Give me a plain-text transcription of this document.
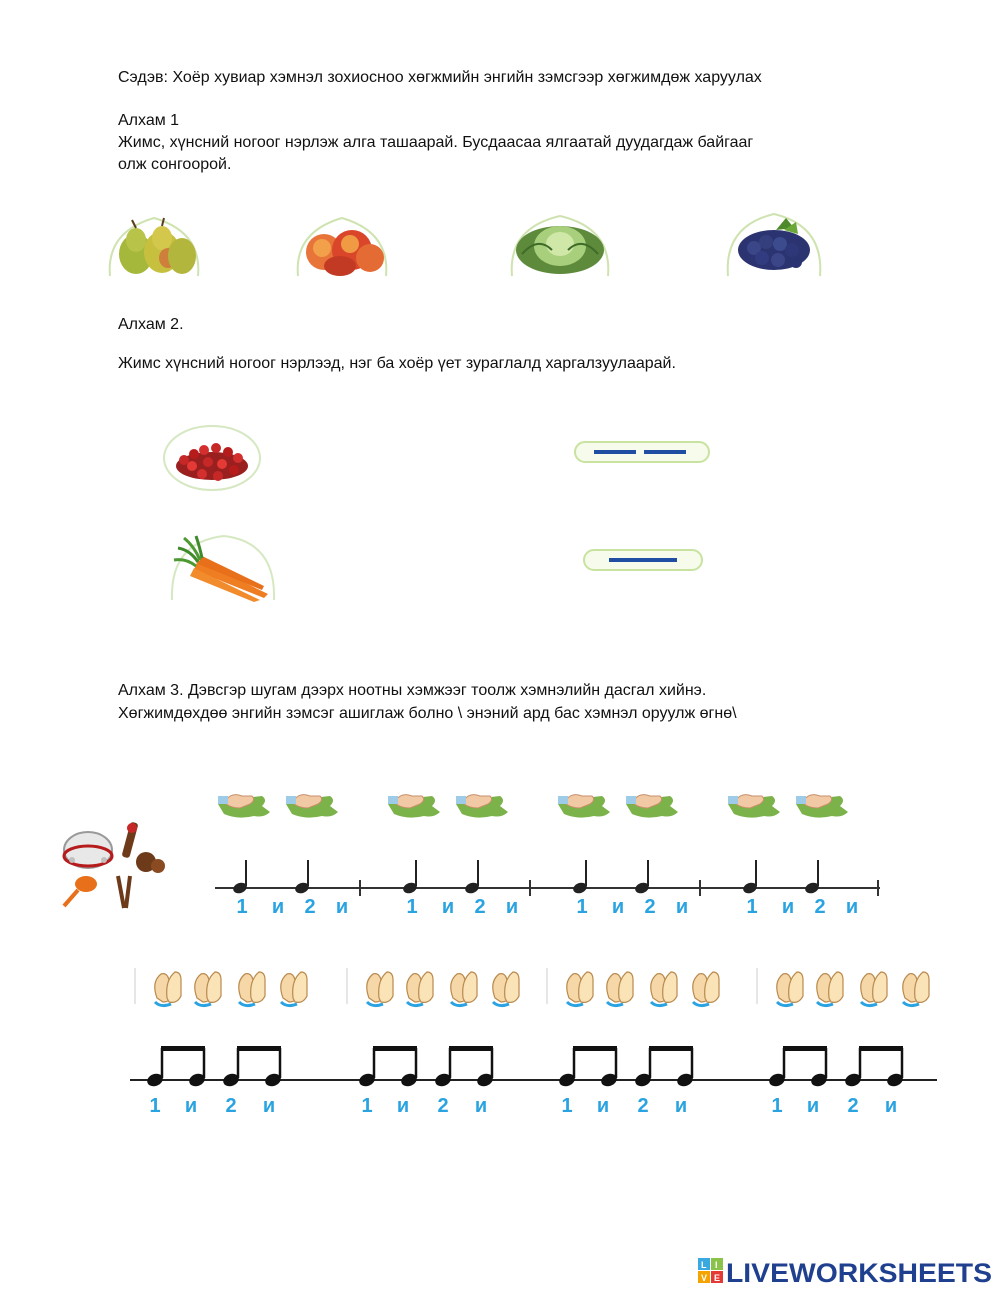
Сэдэв: Хоёр хувиар хэмнэл зохиосноо хөгжмийн энгийн зэмсгээр хөгжимдөж харуулах
Алхам 1
Жимс, хүнсний ногоог нэрлэж алга ташаарай. Бусдаасаа ялгаатай дуудагдаж байгааг
олж сонгоорой.
Алхам 2.
Жимс хүнсний ногоог нэрлээд, нэг ба хоёр үет зураглалд харгалзуулаарай.
Алхам 3. Дэвсгэр шугам дээрх ноотны хэмжээг тоолж хэмнэлийн дасгал хийнэ.
Хөгжимдөхдөө энгийн зэмсэг ашиглаж болно \ энэний ард бас хэмнэл оруулж өгнө\
1 и 2 и	1 и 2 и	1 и 2 и	1 и 2 и
1 и 2 и	1 и 2 и	1 и 2 и	1 и 2 и
L I
V E LIVEWORKSHEETS
